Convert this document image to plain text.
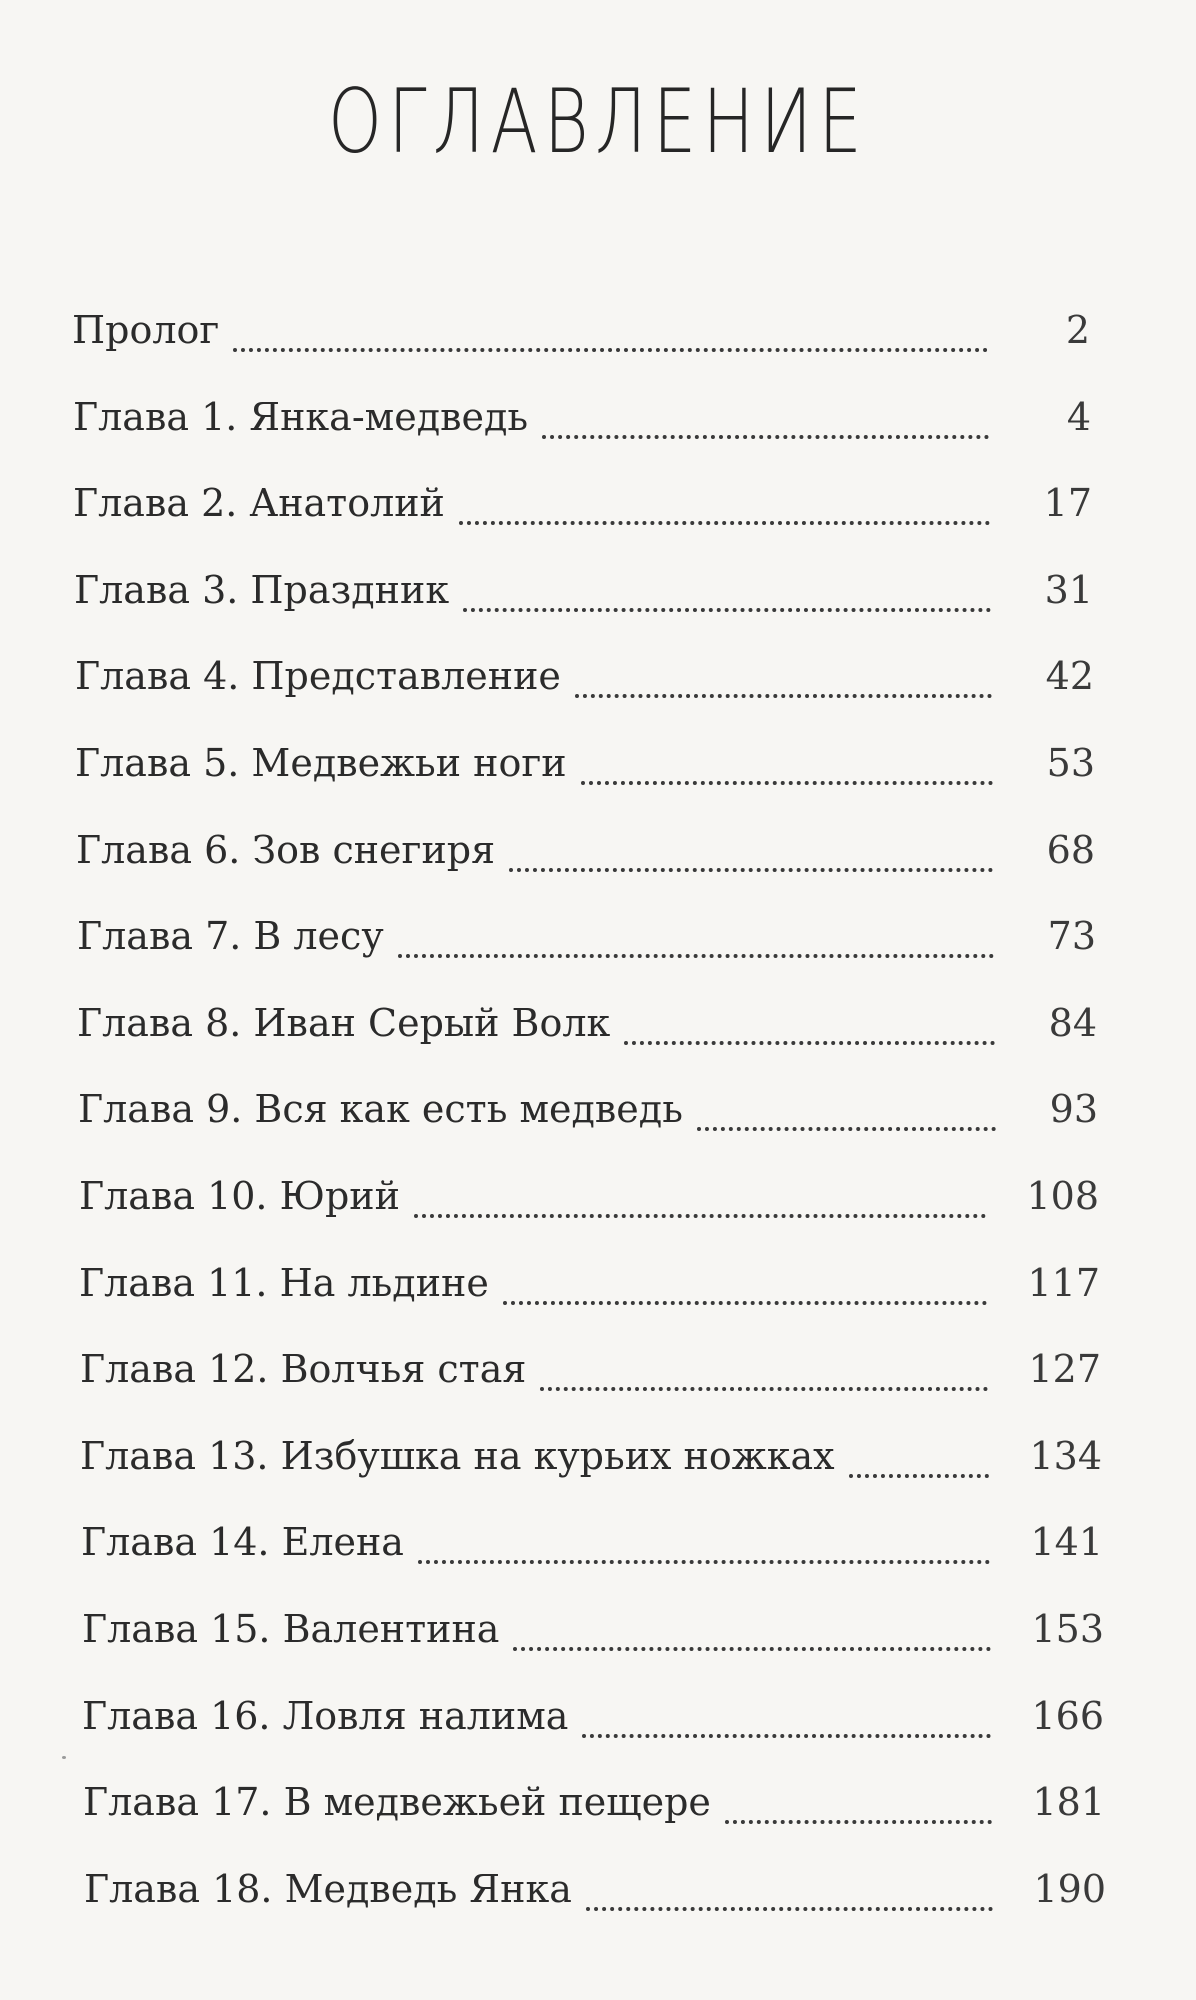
ОГЛАВЛЕНИЕ
Пролог	2
Глава 1. Янка-медведь	4
Глава 2. Анатолий	17
Глава 3. Праздник	31
Глава 4. Представление	42
Глава 5. Медвежьи ноги	53
Глава 6. Зов снегиря	68
Глава 7. В лесу	73
Глава 8. Иван Серый Волк	84
Глава 9. Вся как есть медведь	93
Глава 10. Юрий	108
Глава 11. На льдине	117
Глава 12. Волчья стая	127
Глава 13. Избушка на курьих ножках	134
Глава 14. Елена	141
Глава 15. Валентина	153
Глава 16. Ловля налима	166
Глава 17. В медвежьей пещере	181
Глава 18. Медведь Янка	190
